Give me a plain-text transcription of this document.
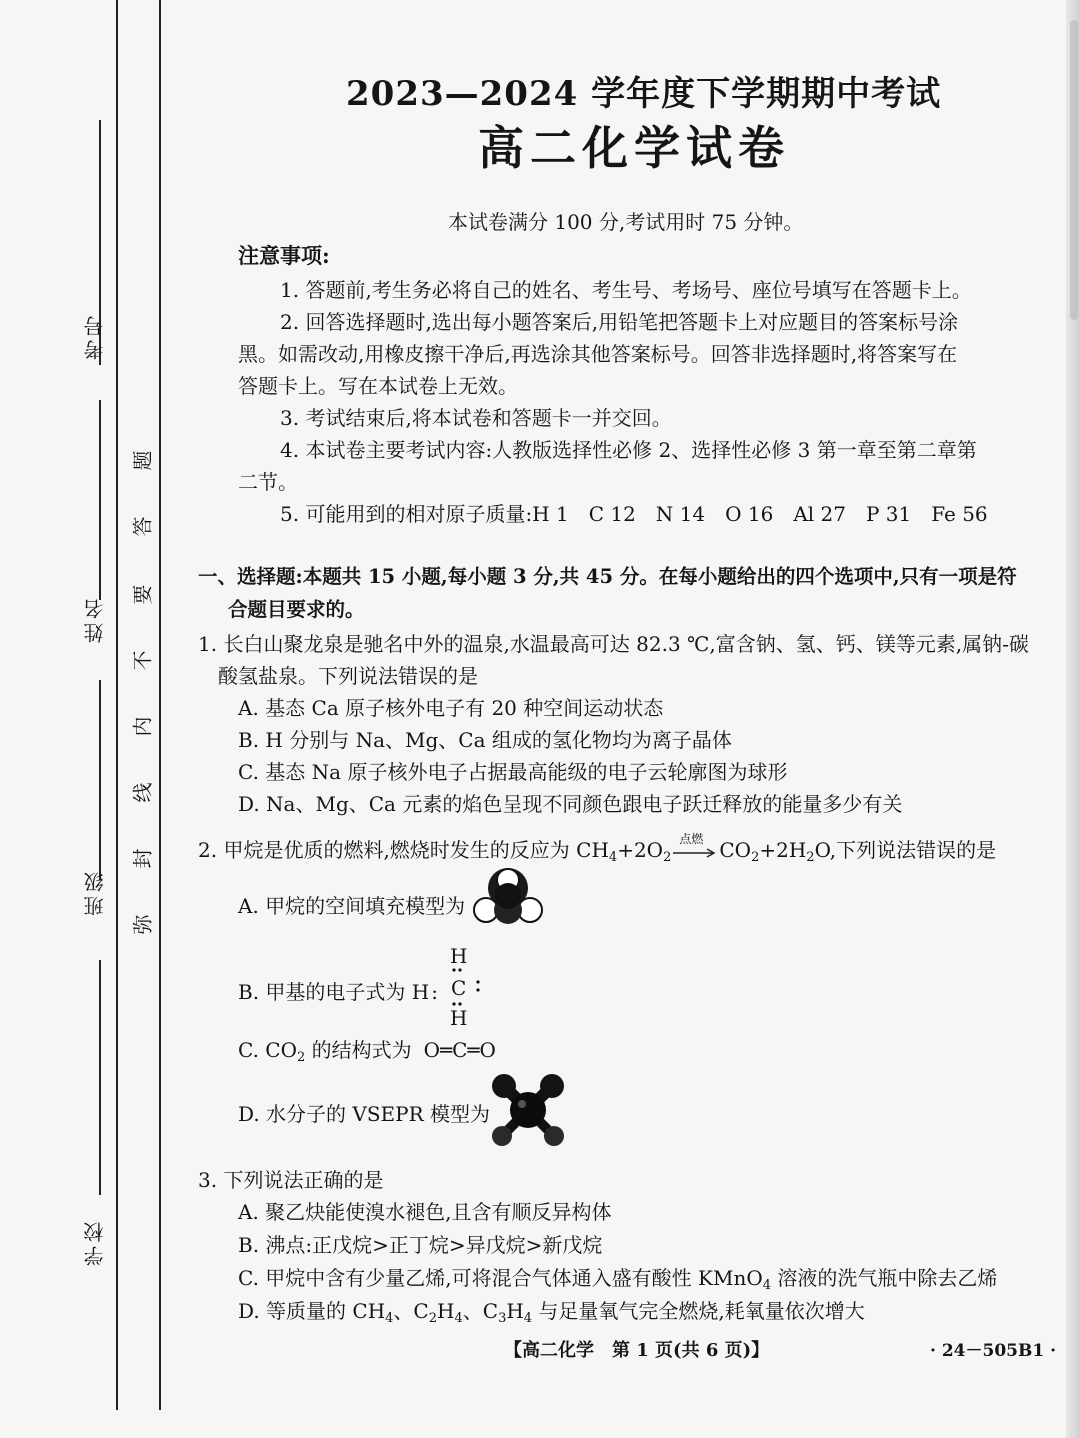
考号
姓名
班级
学校
题
答
要
不
内
线
封
弥
2023—2024 学年度下学期期中考试
高二化学试卷
本试卷满分 100 分,考试用时 75 分钟。
注意事项:
1. 答题前,考生务必将自己的姓名、考生号、考场号、座位号填写在答题卡上。
2. 回答选择题时,选出每小题答案后,用铅笔把答题卡上对应题目的答案标号涂
黑。如需改动,用橡皮擦干净后,再选涂其他答案标号。回答非选择题时,将答案写在
答题卡上。写在本试卷上无效。
3. 考试结束后,将本试卷和答题卡一并交回。
4. 本试卷主要考试内容:人教版选择性必修 2、选择性必修 3 第一章至第二章第
二节。
5. 可能用到的相对原子质量:H 1　C 12　N 14　O 16　Al 27　P 31　Fe 56
一、选择题:本题共 15 小题,每小题 3 分,共 45 分。在每小题给出的四个选项中,只有一项是符
合题目要求的。
1. 长白山聚龙泉是驰名中外的温泉,水温最高可达 82.3 ℃,富含钠、氢、钙、镁等元素,属钠-碳
酸氢盐泉。下列说法错误的是
A. 基态 Ca 原子核外电子有 20 种空间运动状态
B. H 分别与 Na、Mg、Ca 组成的氢化物均为离子晶体
C. 基态 Na 原子核外电子占据最高能级的电子云轮廓图为球形
D. Na、Mg、Ca 元素的焰色呈现不同颜色跟电子跃迁释放的能量多少有关
2. 甲烷是优质的燃料,燃烧时发生的反应为 $CH_4+2O_2$
点燃 $CO_2+2H_2O$,下列说法错误的是
A. 甲烷的空间填充模型为
B. 甲基的电子式为 H :
H
C
H
C. $CO_2$ 的结构式为 O═C═O
D. 水分子的 VSEPR 模型为
3. 下列说法正确的是
A. 聚乙炔能使溴水褪色,且含有顺反异构体
B. 沸点:正戊烷>正丁烷>异戊烷>新戊烷
C. 甲烷中含有少量乙烯,可将混合气体通入盛有酸性 KMnO$_4$ 溶液的洗气瓶中除去乙烯
D. 等质量的 $CH_4$、$C_2H_4$、$C_3H_4$ 与足量氧气完全燃烧,耗氧量依次增大
【高二化学　第 1 页(共 6 页)】	· 24－505B1 ·
